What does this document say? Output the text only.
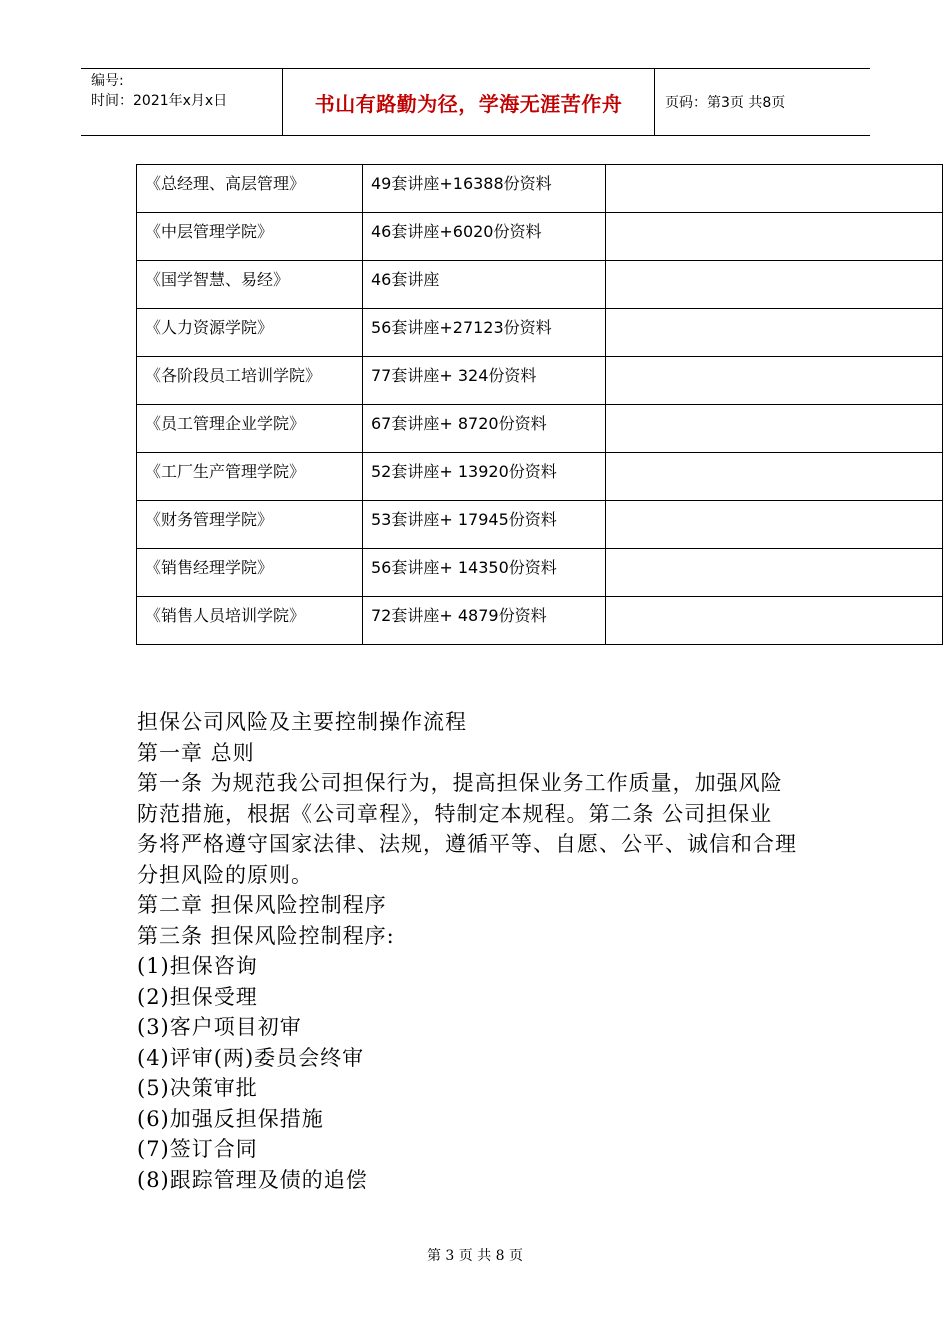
编号:
时间：2021年x月x日	书山有路勤为径，学海无涯苦作舟	页码：第3页 共8页
《总经理、高层管理》	49套讲座+16388份资料	
《中层管理学院》	46套讲座+6020份资料	
《国学智慧、易经》	46套讲座	
《人力资源学院》	56套讲座+27123份资料	
《各阶段员工培训学院》	77套讲座+ 324份资料	
《员工管理企业学院》	67套讲座+ 8720份资料	
《工厂生产管理学院》	52套讲座+ 13920份资料	
《财务管理学院》	53套讲座+ 17945份资料	
《销售经理学院》	56套讲座+ 14350份资料	
《销售人员培训学院》	72套讲座+ 4879份资料	

担保公司风险及主要控制操作流程

第一章 总则

第一条 为规范我公司担保行为，提高担保业务工作质量，加强风险

防范措施，根据《公司章程》，特制定本规程。第二条 公司担保业

务将严格遵守国家法律、法规，遵循平等、自愿、公平、诚信和合理

分担风险的原则。

第二章 担保风险控制程序

第三条 担保风险控制程序:

(1)担保咨询

(2)担保受理

(3)客户项目初审

(4)评审(两)委员会终审

(5)决策审批

(6)加强反担保措施

(7)签订合同

(8)跟踪管理及债的追偿

第 3 页 共 8 页
